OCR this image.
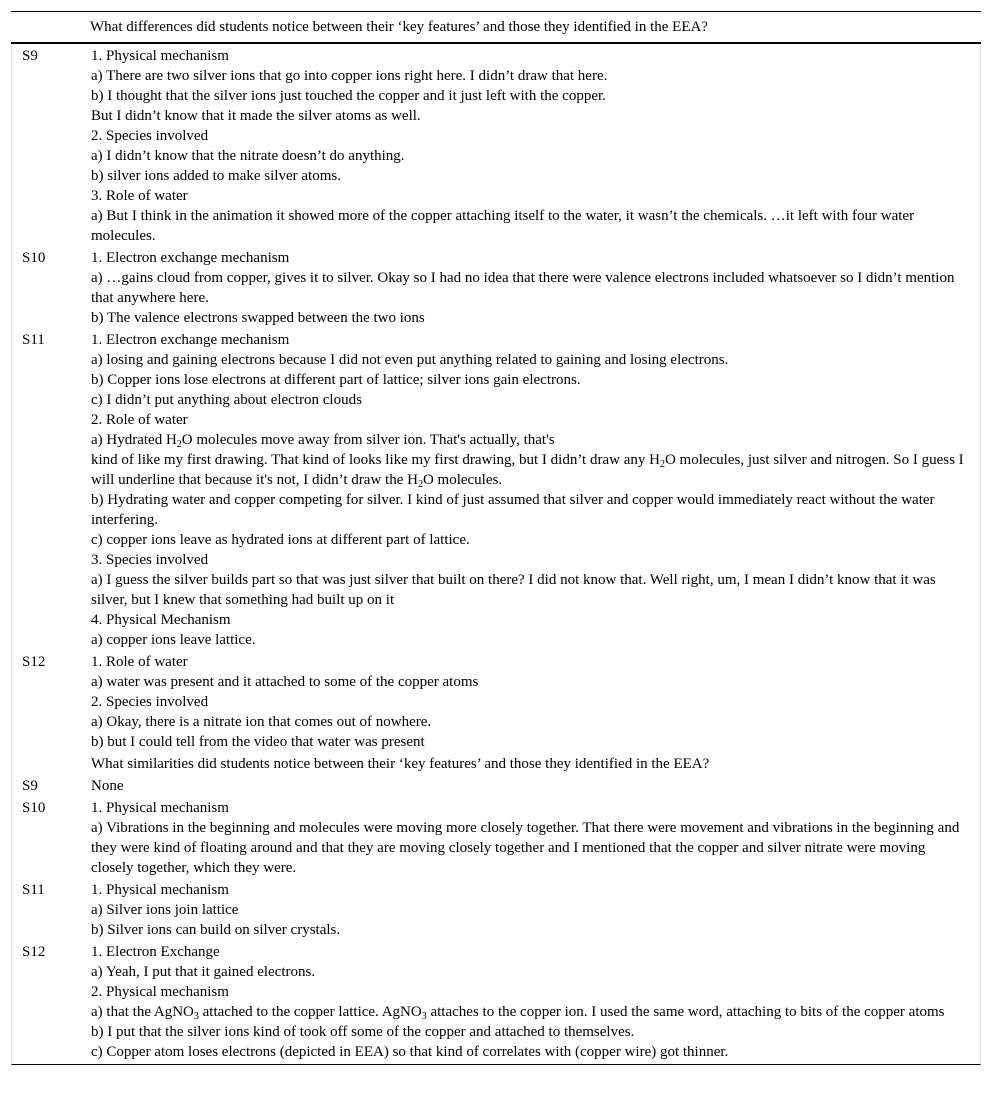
What differences did students notice between their ‘key features’ and those they identified in the EEA?
S9	1. Physical mechanism
a) There are two silver ions that go into copper ions right here. I didn’t draw that here.
b) I thought that the silver ions just touched the copper and it just left with the copper.
But I didn’t know that it made the silver atoms as well.
2. Species involved
a) I didn’t know that the nitrate doesn’t do anything.
b) silver ions added to make silver atoms.
3. Role of water
a) But I think in the animation it showed more of the copper attaching itself to the water, it wasn’t the chemicals. …it left with four water molecules.
S10	1. Electron exchange mechanism
a) …gains cloud from copper, gives it to silver. Okay so I had no idea that there were valence electrons included whatsoever so I didn’t mention that anywhere here.
b) The valence electrons swapped between the two ions
S11	1. Electron exchange mechanism
a) losing and gaining electrons because I did not even put anything related to gaining and losing electrons.
b) Copper ions lose electrons at different part of lattice; silver ions gain electrons.
c) I didn’t put anything about electron clouds
2. Role of water
a) Hydrated $H_2O$ molecules move away from silver ion. That's actually, that's
kind of like my first drawing. That kind of looks like my first drawing, but I didn’t draw any $H_2O$ molecules, just silver and nitrogen. So I guess I will underline that because it's not, I didn’t draw the $H_2O$ molecules.
b) Hydrating water and copper competing for silver. I kind of just assumed that silver and copper would immediately react without the water interfering.
c) copper ions leave as hydrated ions at different part of lattice.
3. Species involved
a) I guess the silver builds part so that was just silver that built on there? I did not know that. Well right, um, I mean I didn’t know that it was silver, but I knew that something had built up on it
4. Physical Mechanism
a) copper ions leave lattice.
S12	1. Role of water
a) water was present and it attached to some of the copper atoms
2. Species involved
a) Okay, there is a nitrate ion that comes out of nowhere.
b) but I could tell from the video that water was present
What similarities did students notice between their ‘key features’ and those they identified in the EEA?
S9	None
S10	1. Physical mechanism
a) Vibrations in the beginning and molecules were moving more closely together. That there were movement and vibrations in the beginning and they were kind of floating around and that they are moving closely together and I mentioned that the copper and silver nitrate were moving closely together, which they were.
S11	1. Physical mechanism
a) Silver ions join lattice
b) Silver ions can build on silver crystals.
S12	1. Electron Exchange
a) Yeah, I put that it gained electrons.
2. Physical mechanism
a) that the AgNO$_3$ attached to the copper lattice. AgNO$_3$ attaches to the copper ion. I used the same word, attaching to bits of the copper atoms
b) I put that the silver ions kind of took off some of the copper and attached to themselves.
c) Copper atom loses electrons (depicted in EEA) so that kind of correlates with (copper wire) got thinner.
